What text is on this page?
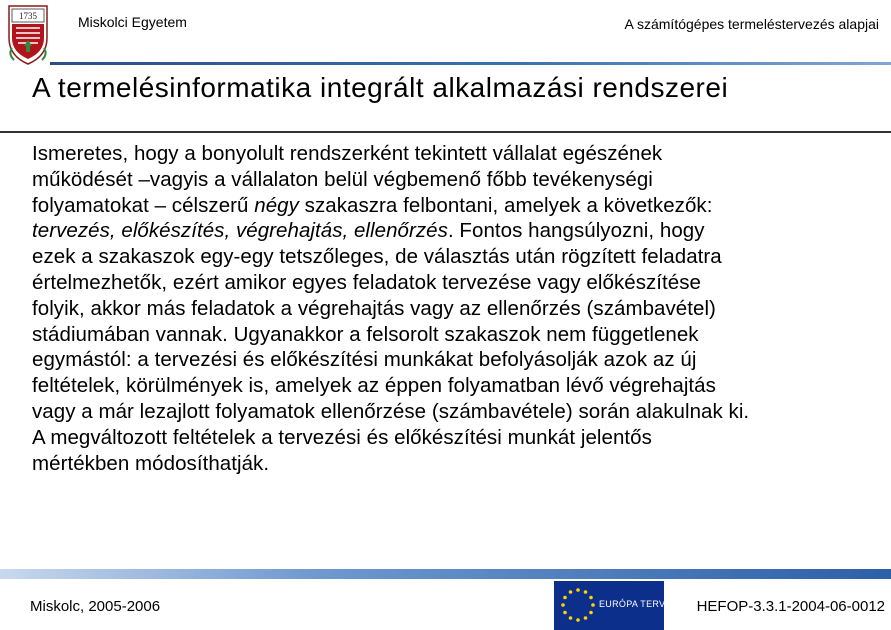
1735	Miskolci Egyetem	A számítógépes termeléstervezés alapjai
A termelésinformatika integrált alkalmazási rendszerei
Ismeretes, hogy a bonyolult rendszerként tekintett vállalat egészének
működését –vagyis a vállalaton belül végbemenő főbb tevékenységi
folyamatokat – célszerű négy szakaszra felbontani, amelyek a következők:
tervezés, előkészítés, végrehajtás, ellenőrzés. Fontos hangsúlyozni, hogy
ezek a szakaszok egy-egy tetszőleges, de választás után rögzített feladatra
értelmezhetők, ezért amikor egyes feladatok tervezése vagy előkészítése
folyik, akkor más feladatok a végrehajtás vagy az ellenőrzés (számbavétel)
stádiumában vannak. Ugyanakkor a felsorolt szakaszok nem függetlenek
egymástól: a tervezési és előkészítési munkákat befolyásolják azok az új
feltételek, körülmények is, amelyek az éppen folyamatban lévő végrehajtás
vagy a már lezajlott folyamatok ellenőrzése (számbavétele) során alakulnak ki.
A megváltozott feltételek a tervezési és előkészítési munkát jelentős
mértékben módosíthatják.
Miskolc, 2005-2006	EURÓPA TERV HEFOP-3.3.1-2004-06-0012
